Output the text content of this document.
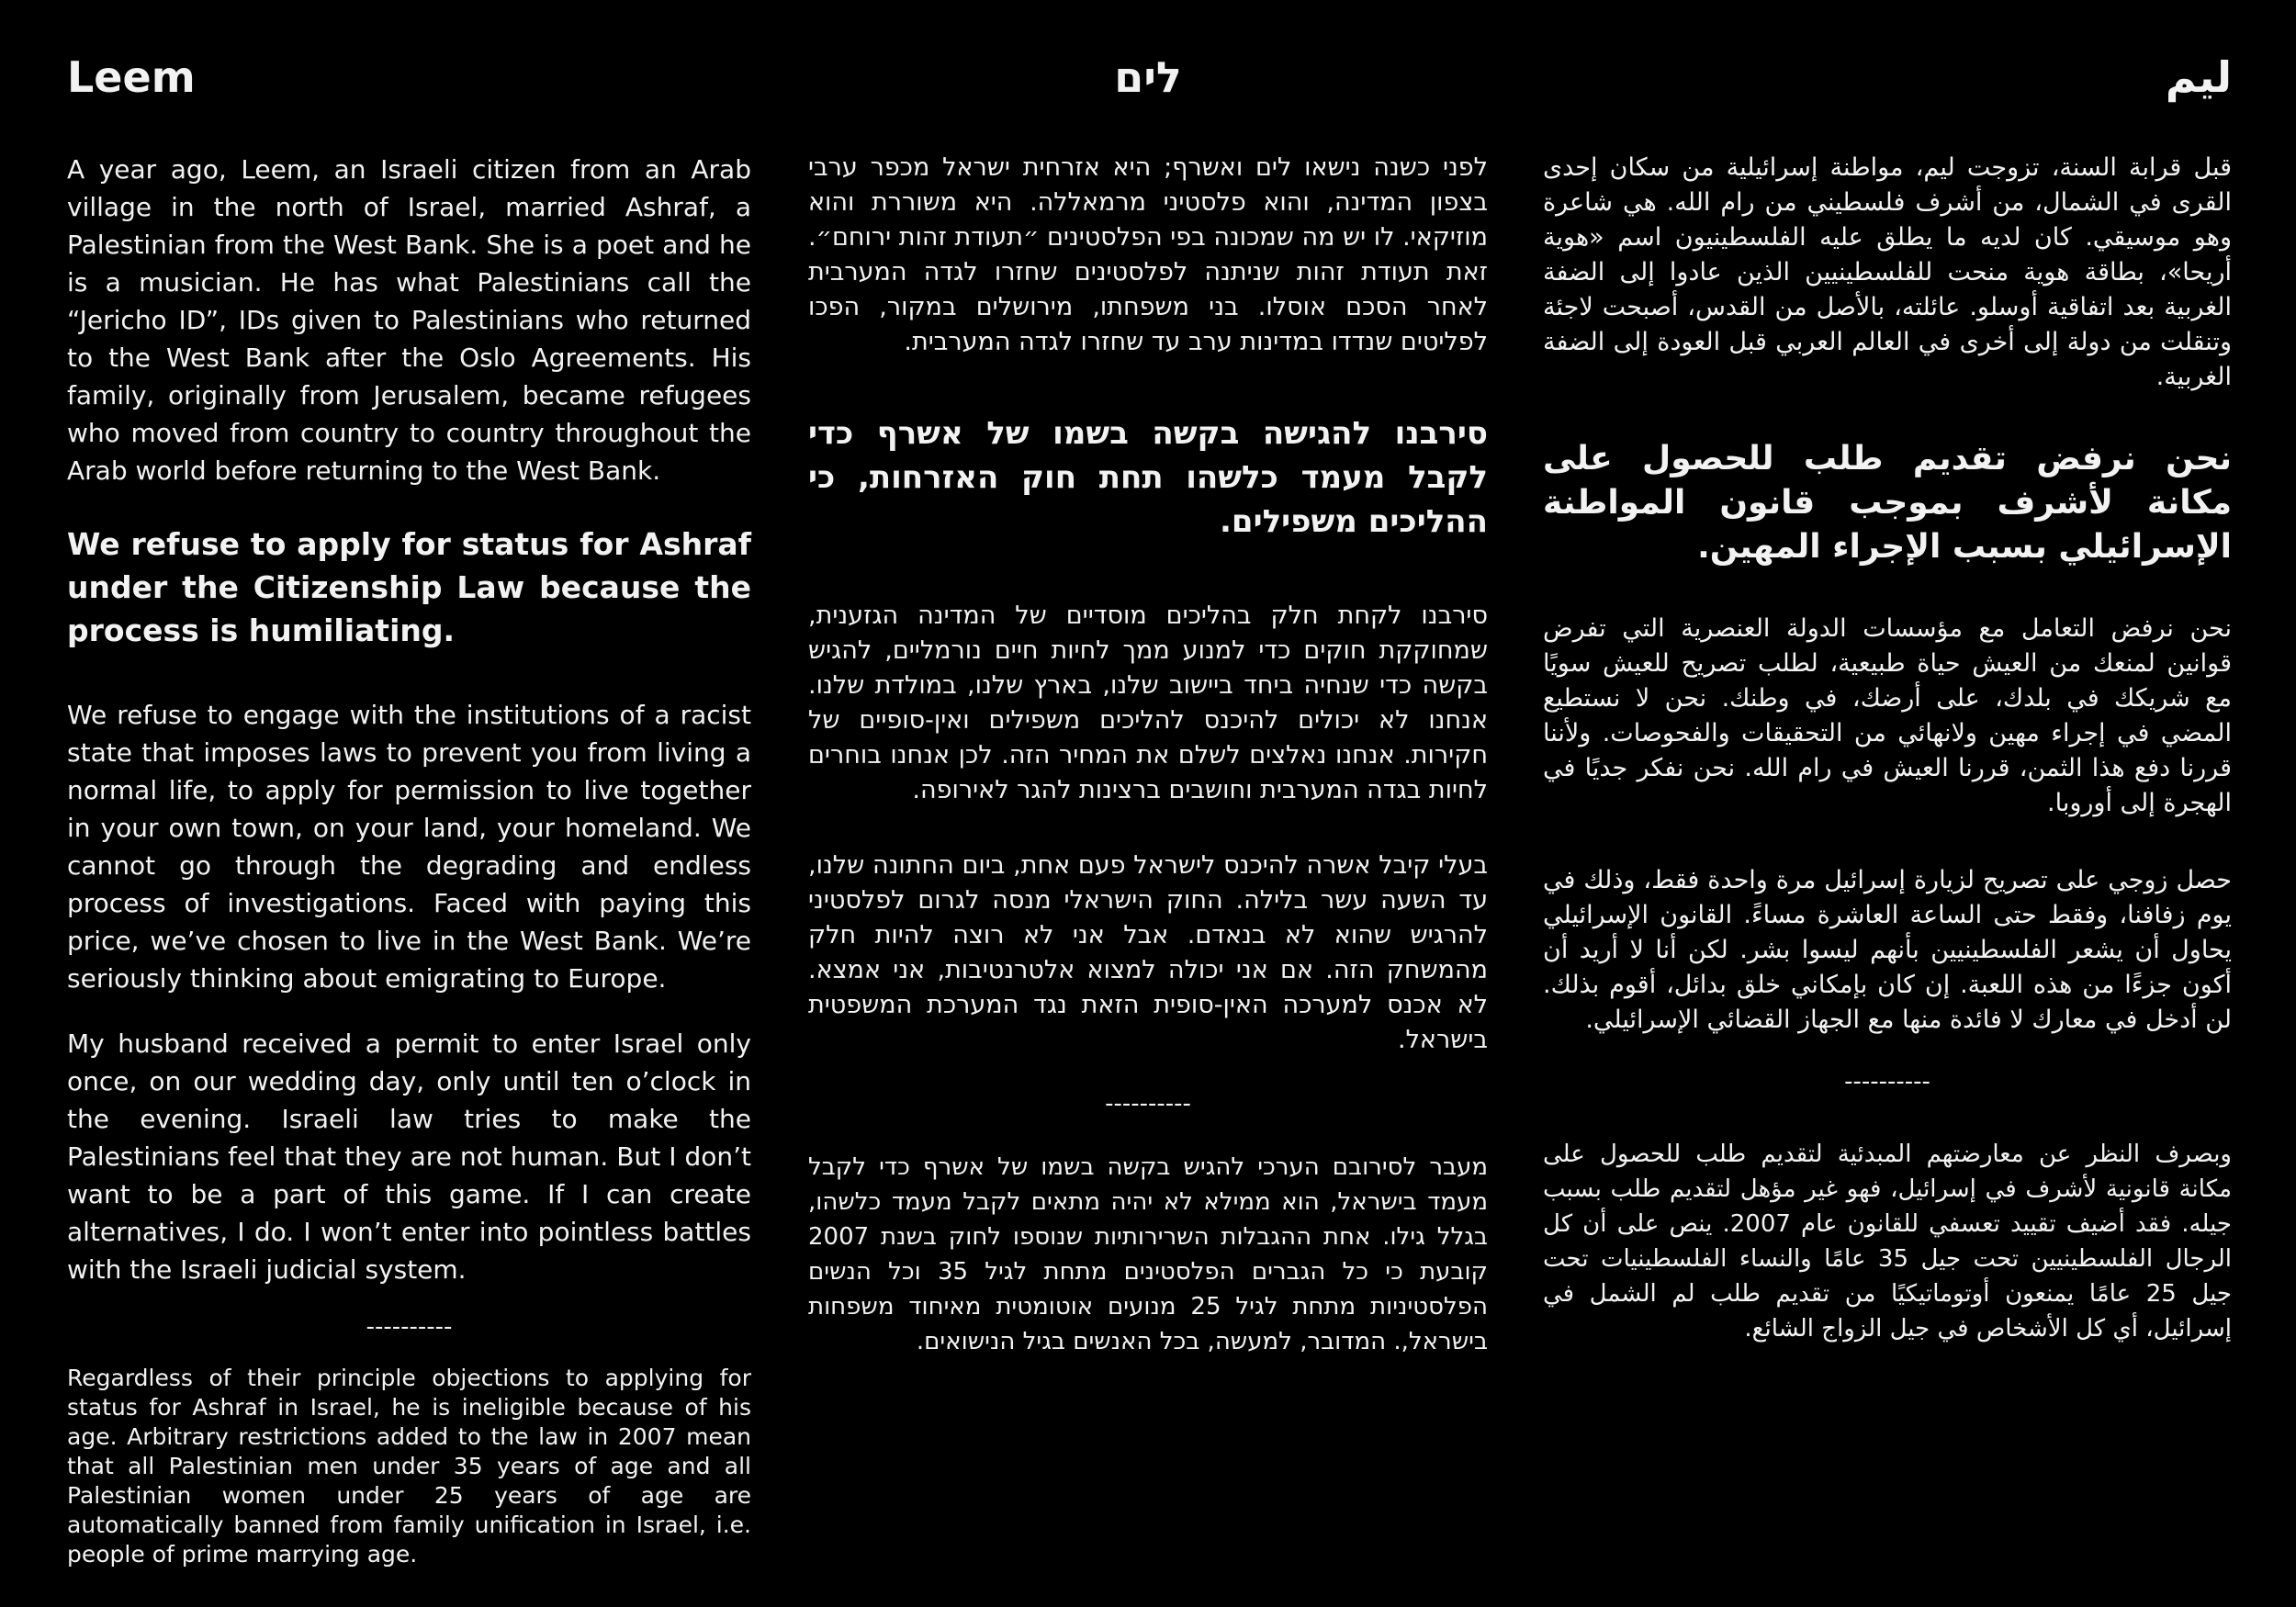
Leem

A year ago, Leem, an Israeli citizen from an Arab village in the north of Israel, married Ashraf, a Palestinian from the West Bank. She is a poet and he is a musician. He has what Palestinians call the “Jericho ID”, IDs given to Palestinians who returned to the West Bank after the Oslo Agreements. His family, originally from Jerusalem, became refugees who moved from country to country throughout the Arab world before returning to the West Bank.

We refuse to apply for status for Ashraf under the Citizenship Law because the process is humiliating.

We refuse to engage with the institutions of a racist state that imposes laws to prevent you from living a normal life, to apply for permission to live together in your own town, on your land, your homeland. We cannot go through the degrading and endless process of investigations. Faced with paying this price, we’ve chosen to live in the West Bank. We’re seriously thinking about emigrating to Europe.

My husband received a permit to enter Israel only once, on our wedding day, only until ten o’clock in the evening. Israeli law tries to make the Palestinians feel that they are not human. But I don’t want to be a part of this game. If I can create alternatives, I do. I won’t enter into pointless battles with the Israeli judicial system.

----------

Regardless of their principle objections to applying for status for Ashraf in Israel, he is ineligible because of his age. Arbitrary restrictions added to the law in 2007 mean that all Palestinian men under 35 years of age and all Palestinian women under 25 years of age are automatically banned from family unification in Israel, i.e. people of prime marrying age.

לים

לפני כשנה נישאו לים ואשרף; היא אזרחית ישראל מכפר ערבי בצפון המדינה, והוא פלסטיני מרמאללה. היא משוררת והוא מוזיקאי. לו יש מה שמכונה בפי הפלסטינים ״תעודת זהות ירוחם״. זאת תעודת זהות שניתנה לפלסטינים שחזרו לגדה המערבית לאחר הסכם אוסלו. בני משפחתו, מירושלים במקור, הפכו לפליטים שנדדו במדינות ערב עד שחזרו לגדה המערבית.

סירבנו להגישה בקשה בשמו של אשרף כדי לקבל מעמד כלשהו תחת חוק האזרחות, כי ההליכים משפילים.

סירבנו לקחת חלק בהליכים מוסדיים של המדינה הגזענית, שמחוקקת חוקים כדי למנוע ממך לחיות חיים נורמליים, להגיש בקשה כדי שנחיה ביחד ביישוב שלנו, בארץ שלנו, במולדת שלנו. אנחנו לא יכולים להיכנס להליכים משפילים ואין-סופיים של חקירות. אנחנו נאלצים לשלם את המחיר הזה. לכן אנחנו בוחרים לחיות בגדה המערבית וחושבים ברצינות להגר לאירופה.

בעלי קיבל אשרה להיכנס לישראל פעם אחת, ביום החתונה שלנו, עד השעה עשר בלילה. החוק הישראלי מנסה לגרום לפלסטיני להרגיש שהוא לא בנאדם. אבל אני לא רוצה להיות חלק מהמשחק הזה. אם אני יכולה למצוא אלטרנטיבות, אני אמצא. לא אכנס למערכה האין-סופית הזאת נגד המערכת המשפטית בישראל.

----------

מעבר לסירובם הערכי להגיש בקשה בשמו של אשרף כדי לקבל מעמד בישראל, הוא ממילא לא יהיה מתאים לקבל מעמד כלשהו, בגלל גילו. אחת ההגבלות השרירותיות שנוספו לחוק בשנת 2007 קובעת כי כל הגברים הפלסטינים מתחת לגיל 35 וכל הנשים הפלסטיניות מתחת לגיל 25 מנועים אוטומטית מאיחוד משפחות בישראל,. המדובר, למעשה, בכל האנשים בגיל הנישואים.

ليم

قبل قرابة السنة، تزوجت ليم، مواطنة إسرائيلية من سكان إحدى القرى في الشمال، من أشرف فلسطيني من رام الله. هي شاعرة وهو موسيقي. كان لديه ما يطلق عليه الفلسطينيون اسم «هوية أريحا»، بطاقة هوية منحت للفلسطينيين الذين عادوا إلى الضفة الغربية بعد اتفاقية أوسلو. عائلته، بالأصل من القدس، أصبحت لاجئة وتنقلت من دولة إلى أخرى في العالم العربي قبل العودة إلى الضفة الغربية.

نحن نرفض تقديم طلب للحصول على مكانة لأشرف بموجب قانون المواطنة الإسرائيلي بسبب الإجراء المهين.

نحن نرفض التعامل مع مؤسسات الدولة العنصرية التي تفرض قوانين لمنعك من العيش حياة طبيعية، لطلب تصريح للعيش سويًا مع شريكك في بلدك، على أرضك، في وطنك. نحن لا نستطيع المضي في إجراء مهين ولانهائي من التحقيقات والفحوصات. ولأننا قررنا دفع هذا الثمن، قررنا العيش في رام الله. نحن نفكر جديًا في الهجرة إلى أوروبا.

حصل زوجي على تصريح لزيارة إسرائيل مرة واحدة فقط، وذلك في يوم زفافنا، وفقط حتى الساعة العاشرة مساءً. القانون الإسرائيلي يحاول أن يشعر الفلسطينيين بأنهم ليسوا بشر. لكن أنا لا أريد أن أكون جزءًا من هذه اللعبة. إن كان بإمكاني خلق بدائل، أقوم بذلك. لن أدخل في معارك لا فائدة منها مع الجهاز القضائي الإسرائيلي.

----------

وبصرف النظر عن معارضتهم المبدئية لتقديم طلب للحصول على مكانة قانونية لأشرف في إسرائيل، فهو غير مؤهل لتقديم طلب بسبب جيله. فقد أضيف تقييد تعسفي للقانون عام 2007. ينص على أن كل الرجال الفلسطينيين تحت جيل 35 عامًا والنساء الفلسطينيات تحت جيل 25 عامًا يمنعون أوتوماتيكيًا من تقديم طلب لم الشمل في إسرائيل، أي كل الأشخاص في جيل الزواج الشائع.
